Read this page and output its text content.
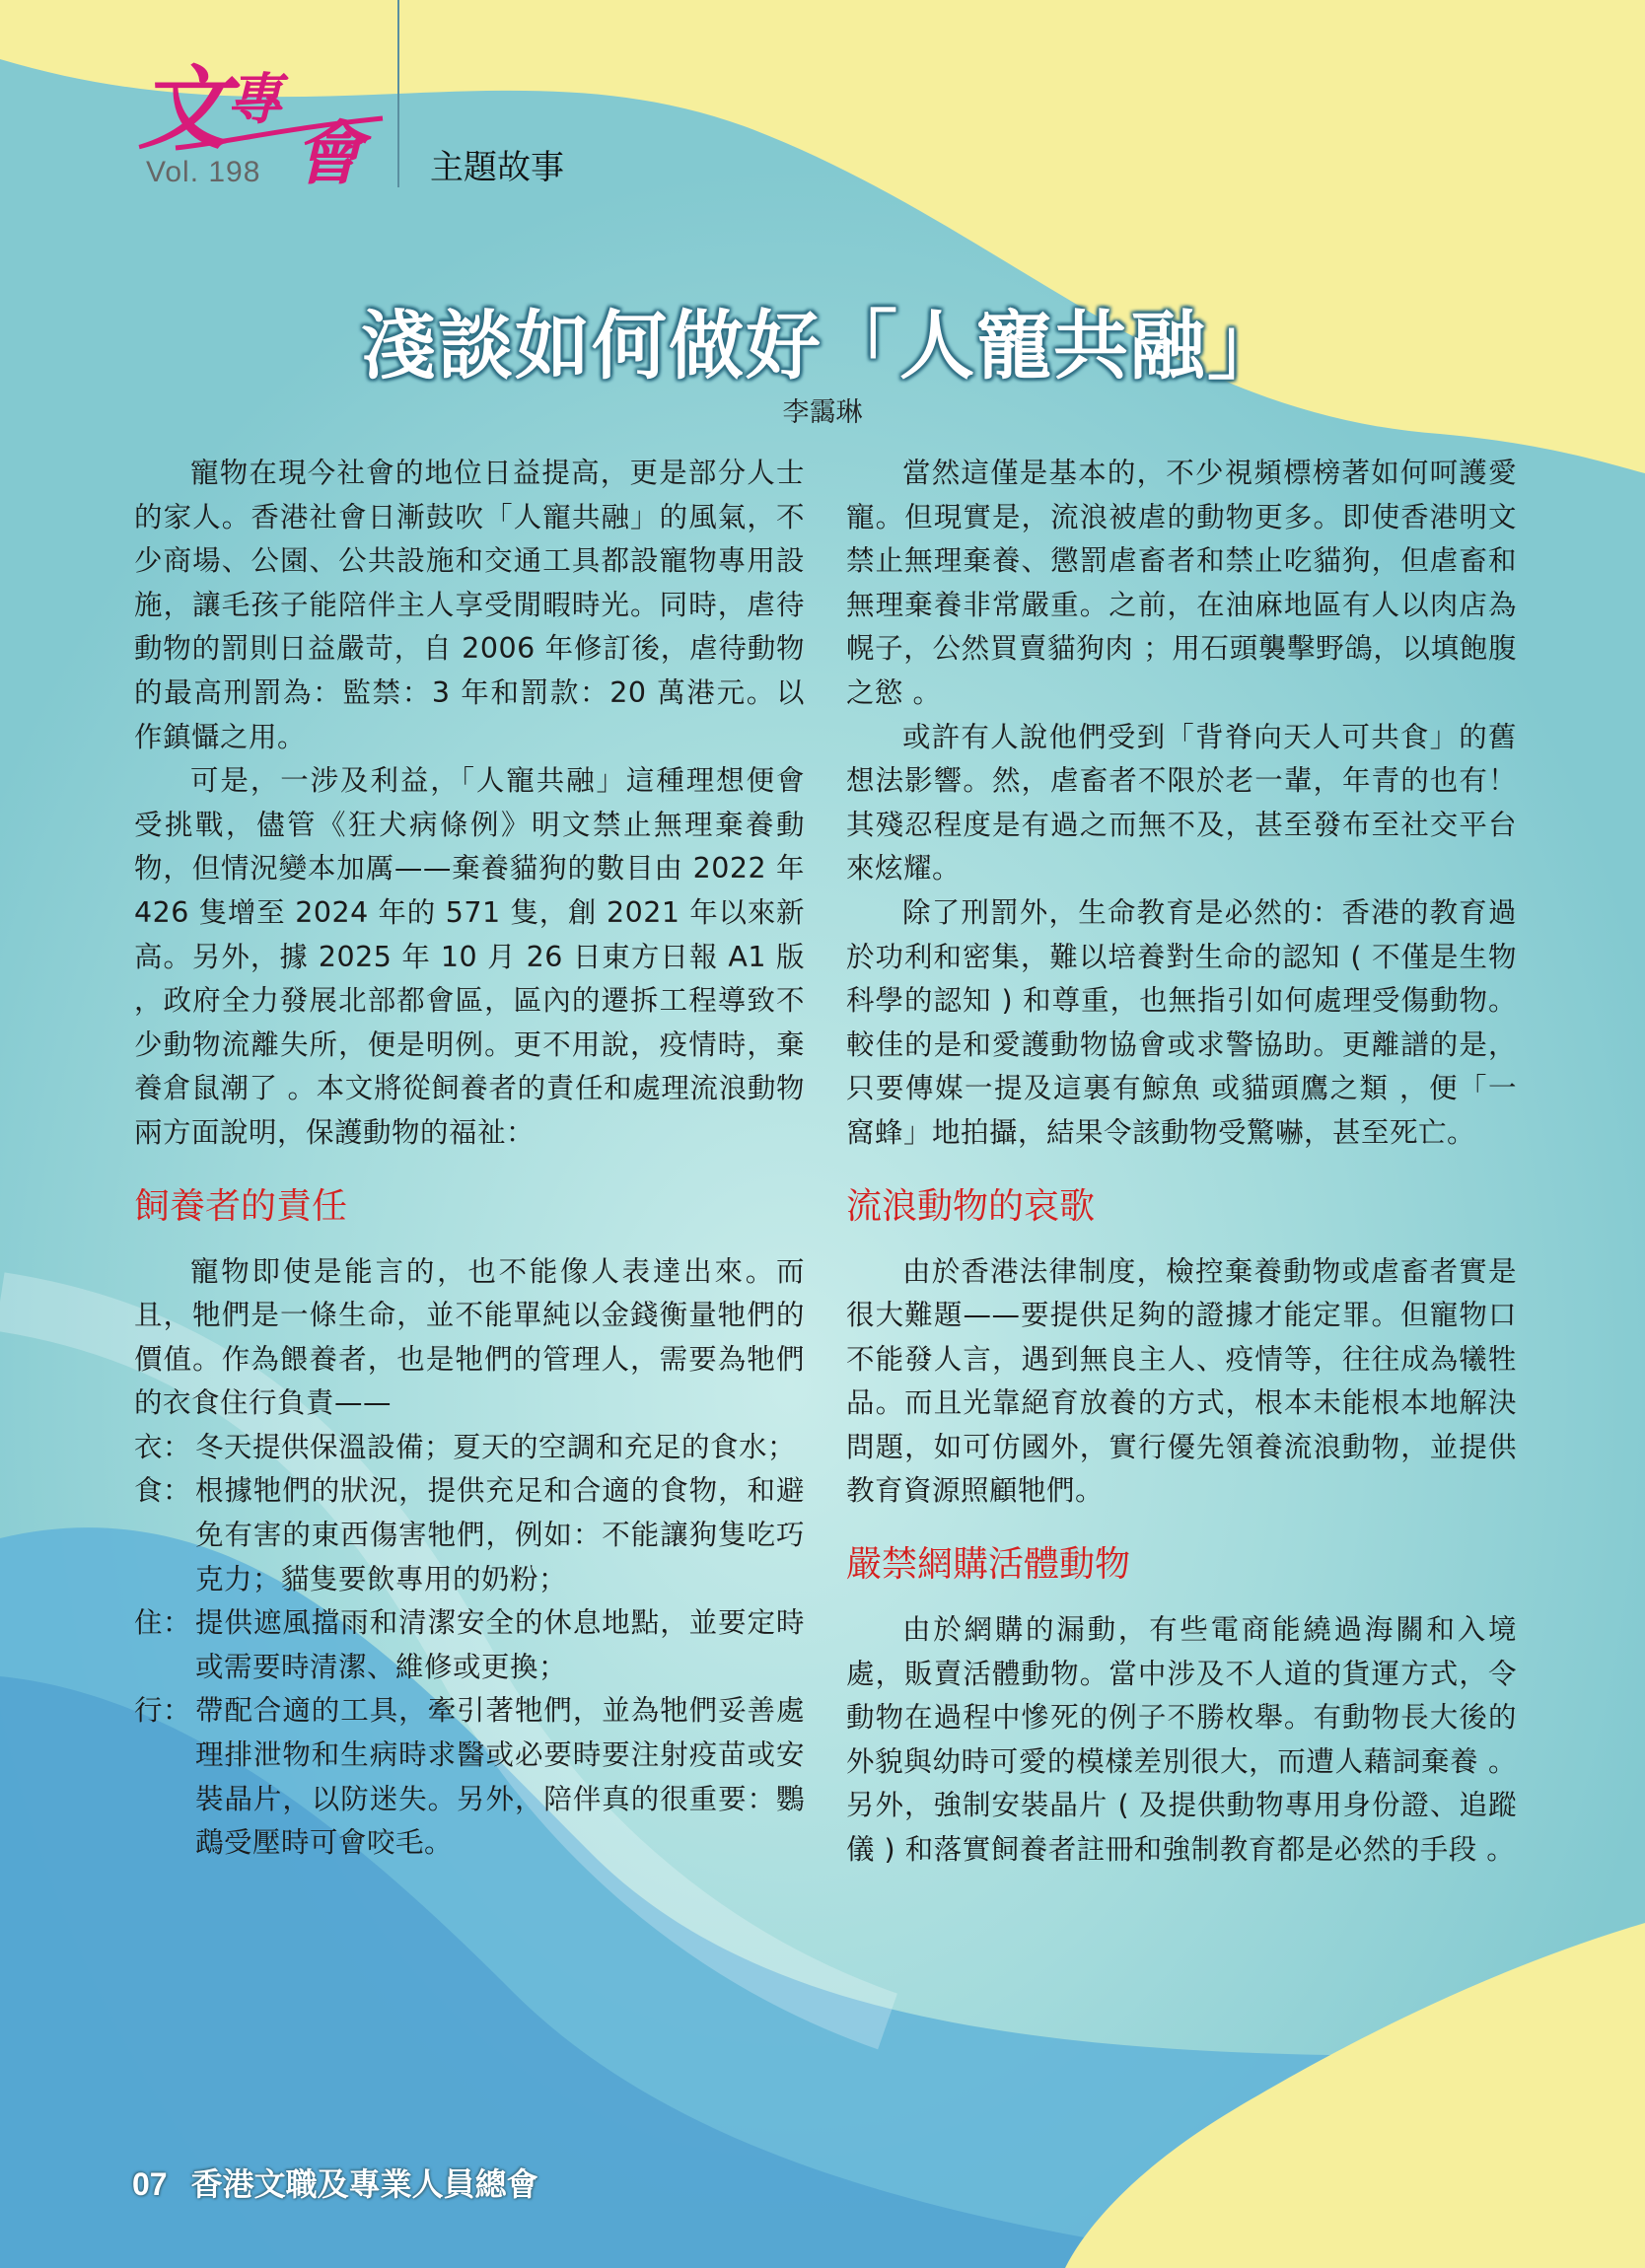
文
專
會
Vol. 198	主題故事
淺談如何做好「人寵共融」
李靄琳

寵物在現今社會的地位日益提高，更是部分人士的家人。香港社會日漸鼓吹「人寵共融」的風氣，不少商場、公園、公共設施和交通工具都設寵物專用設施，讓毛孩子能陪伴主人享受閒暇時光。同時，虐待動物的罰則日益嚴苛，自 2006 年修訂後，虐待動物的最高刑罰為：監禁：3 年和罰款：20 萬港元。以作鎮懾之用。

可是，一涉及利益，「人寵共融」這種理想便會受挑戰，儘管《狂犬病條例》明文禁止無理棄養動物，但情況變本加厲——棄養貓狗的數目由 2022 年 426 隻增至 2024 年的 571 隻，創 2021 年以來新高。另外，據 2025 年 10 月 26 日東方日報 A1 版 ，政府全力發展北部都會區，區內的遷拆工程導致不少動物流離失所，便是明例。更不用說，疫情時，棄養倉鼠潮了 。本文將從飼養者的責任和處理流浪動物兩方面說明，保護動物的福祉：

飼養者的責任

寵物即使是能言的，也不能像人表達出來。而且，牠們是一條生命，並不能單純以金錢衡量牠們的價值。作為餵養者，也是牠們的管理人，需要為牠們的衣食住行負責——

衣： 冬天提供保溫設備；夏天的空調和充足的食水；
食： 根據牠們的狀況，提供充足和合適的食物，和避免有害的東西傷害牠們，例如：不能讓狗隻吃巧克力；貓隻要飲專用的奶粉；
住： 提供遮風擋雨和清潔安全的休息地點，並要定時或需要時清潔、維修或更換；
行： 帶配合適的工具，牽引著牠們，並為牠們妥善處理排泄物和生病時求醫或必要時要注射疫苗或安裝晶片，以防迷失。另外，陪伴真的很重要：鸚鵡受壓時可會咬毛。

當然這僅是基本的，不少視頻標榜著如何呵護愛寵。但現實是，流浪被虐的動物更多。即使香港明文禁止無理棄養、懲罰虐畜者和禁止吃貓狗，但虐畜和無理棄養非常嚴重。之前，在油麻地區有人以肉店為幌子，公然買賣貓狗肉 ；用石頭襲擊野鴿，以填飽腹之慾 。

或許有人說他們受到「背脊向天人可共食」的舊想法影響。然，虐畜者不限於老一輩，年青的也有！其殘忍程度是有過之而無不及，甚至發布至社交平台來炫耀。

除了刑罰外，生命教育是必然的：香港的教育過於功利和密集，難以培養對生命的認知 ( 不僅是生物科學的認知 ) 和尊重，也無指引如何處理受傷動物。較佳的是和愛護動物協會或求警協助。更離譜的是，只要傳媒一提及這裏有鯨魚 或貓頭鷹之類 ，便「一窩蜂」地拍攝，結果令該動物受驚嚇，甚至死亡。

流浪動物的哀歌

由於香港法律制度，檢控棄養動物或虐畜者實是很大難題——要提供足夠的證據才能定罪。但寵物口不能發人言，遇到無良主人、疫情等，往往成為犧牲品。而且光靠絕育放養的方式，根本未能根本地解決問題，如可仿國外，實行優先領養流浪動物，並提供教育資源照顧牠們。

嚴禁網購活體動物

由於網購的漏動，有些電商能繞過海關和入境處，販賣活體動物。當中涉及不人道的貨運方式，令動物在過程中慘死的例子不勝枚舉。有動物長大後的外貌與幼時可愛的模樣差別很大，而遭人藉詞棄養 。另外，強制安裝晶片 ( 及提供動物專用身份證、追蹤儀 ) 和落實飼養者註冊和強制教育都是必然的手段 。

07 香港文職及專業人員總會
